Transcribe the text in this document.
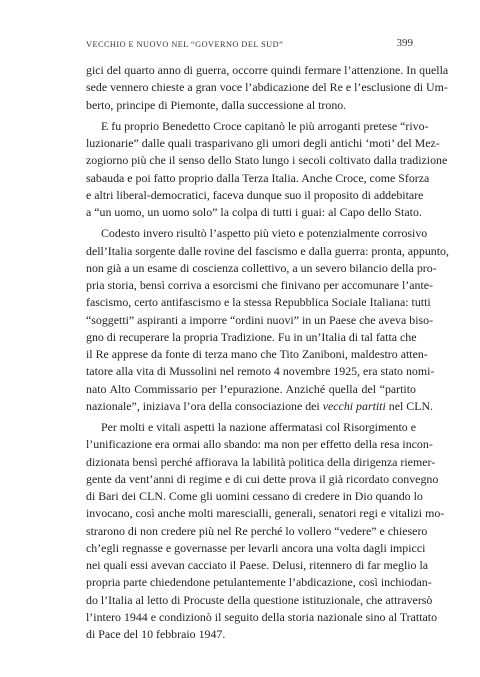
VECCHIO E NUOVO NEL “GOVERNO DEL SUD”	399
gici del quarto anno di guerra, occorre quindi fermare l’attenzione. In quella
sede vennero chieste a gran voce l’abdicazione del Re e l’esclusione di Um-
berto, principe di Piemonte, dalla successione al trono.
E fu proprio Benedetto Croce capitanò le più arroganti pretese “rivo-
luzionarie” dalle quali trasparivano gli umori degli antichi ‘moti’ del Mez-
zogiorno più che il senso dello Stato lungo i secoli coltivato dalla tradizione
sabauda e poi fatto proprio dalla Terza Italia. Anche Croce, come Sforza
e altri liberal-democratici, faceva dunque suo il proposito di addebitare
a “un uomo, un uomo solo” la colpa di tutti i guai: al Capo dello Stato.
Codesto invero risultò l’aspetto più vieto e potenzialmente corrosivo
dell’Italia sorgente dalle rovine del fascismo e dalla guerra: pronta, appunto,
non già a un esame di coscienza collettivo, a un severo bilancio della pro-
pria storia, bensì corriva a esorcismi che finivano per accomunare l’ante-
fascismo, certo antifascismo e la stessa Repubblica Sociale Italiana: tutti
“soggetti” aspiranti a imporre “ordini nuovi” in un Paese che aveva biso-
gno di recuperare la propria Tradizione. Fu in un’Italia di tal fatta che
il Re apprese da fonte di terza mano che Tito Zaniboni, maldestro atten-
tatore alla vita di Mussolini nel remoto 4 novembre 1925, era stato nomi-
nato Alto Commissario per l’epurazione. Anziché quella del “partito
nazionale”, iniziava l’ora della consociazione dei vecchi partiti nel CLN.
Per molti e vitali aspetti la nazione affermatasi col Risorgimento e
l’unificazione era ormai allo sbando: ma non per effetto della resa incon-
dizionata bensì perché affiorava la labilità politica della dirigenza riemer-
gente da vent’anni di regime e di cui dette prova il già ricordato convegno
di Bari dei CLN. Come gli uomini cessano di credere in Dio quando lo
invocano, così anche molti marescialli, generali, senatori regi e vitalizi mo-
strarono di non credere più nel Re perché lo vollero “vedere” e chiesero
ch’egli regnasse e governasse per levarli ancora una volta dagli impicci
nei quali essi avevan cacciato il Paese. Delusi, ritennero di far meglio la
propria parte chiedendone petulantemente l’abdicazione, così inchiodan-
do l’Italia al letto di Procuste della questione istituzionale, che attraversò
l’intero 1944 e condizionò il seguito della storia nazionale sino al Trattato
di Pace del 10 febbraio 1947.
